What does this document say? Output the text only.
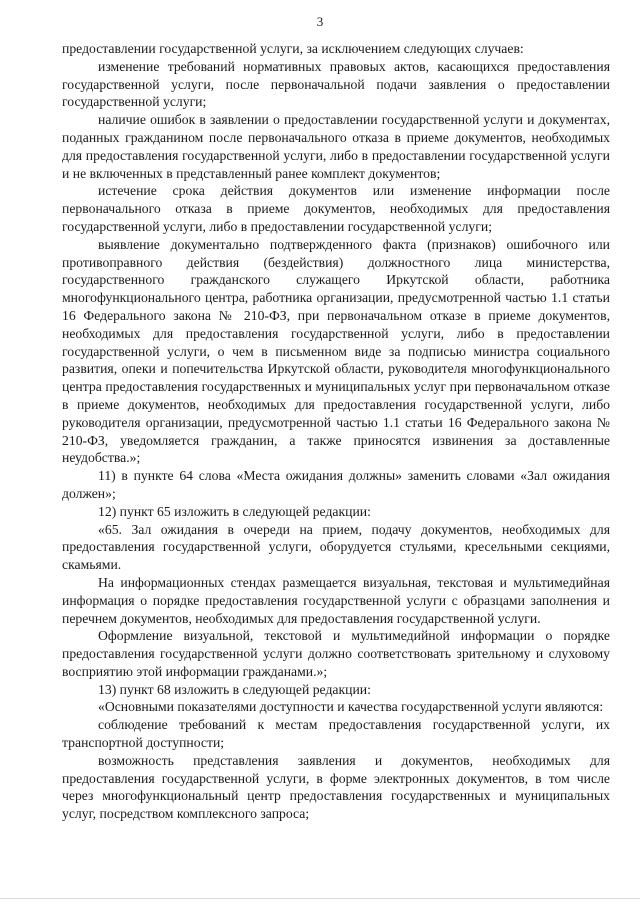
3

предоставлении государственной услуги, за исключением следующих случаев:

изменение требований нормативных правовых актов, касающихся предоставления государственной услуги, после первоначальной подачи заявления о предоставлении государственной услуги;

наличие ошибок в заявлении о предоставлении государственной услуги и документах, поданных гражданином после первоначального отказа в приеме документов, необходимых для предоставления государственной услуги, либо в предоставлении государственной услуги и не включенных в представленный ранее комплект документов;

истечение срока действия документов или изменение информации после первоначального отказа в приеме документов, необходимых для предоставления государственной услуги, либо в предоставлении государственной услуги;

выявление документально подтвержденного факта (признаков) ошибочного или противоправного действия (бездействия) должностного лица министерства, государственного гражданского служащего Иркутской области, работника многофункционального центра, работника организации, предусмотренной частью 1.1 статьи 16 Федерального закона № 210-ФЗ, при первоначальном отказе в приеме документов, необходимых для предоставления государственной услуги, либо в предоставлении государственной услуги, о чем в письменном виде за подписью министра социального развития, опеки и попечительства Иркутской области, руководителя многофункционального центра предоставления государственных и муниципальных услуг при первоначальном отказе в приеме документов, необходимых для предоставления государственной услуги, либо руководителя организации, предусмотренной частью 1.1 статьи 16 Федерального закона № 210-ФЗ, уведомляется гражданин, а также приносятся извинения за доставленные неудобства.»;

11) в пункте 64 слова «Места ожидания должны» заменить словами «Зал ожидания должен»;

12) пункт 65 изложить в следующей редакции:

«65. Зал ожидания в очереди на прием, подачу документов, необходимых для предоставления государственной услуги, оборудуется стульями, кресельными секциями, скамьями.

На информационных стендах размещается визуальная, текстовая и мультимедийная информация о порядке предоставления государственной услуги с образцами заполнения и перечнем документов, необходимых для предоставления государственной услуги.

Оформление визуальной, текстовой и мультимедийной информации о порядке предоставления государственной услуги должно соответствовать зрительному и слуховому восприятию этой информации гражданами.»;

13) пункт 68 изложить в следующей редакции:

«Основными показателями доступности и качества государственной услуги являются:

соблюдение требований к местам предоставления государственной услуги, их транспортной доступности;

возможность представления заявления и документов, необходимых для предоставления государственной услуги, в форме электронных документов, в том числе через многофункциональный центр предоставления государственных и муниципальных услуг, посредством комплексного запроса;
